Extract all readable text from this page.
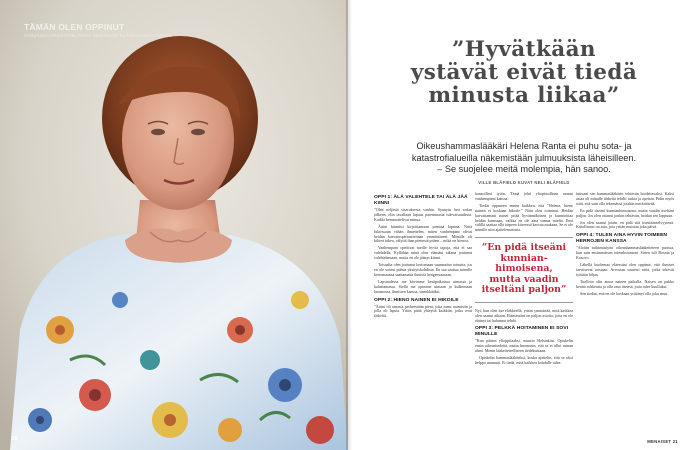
TÄMÄN OLEN OPPINUT
SARJASSA HAASTATELTAVAT KERTOVAT ELÄMÄNVIISAUTENSA.
20
”Hyvätkään
ystävät eivät tiedä
minusta liikaa”
Oikeushammaslääkäri Helena Ranta ei puhu sota- ja
katastrofialueilla näkemistään julmuuksista läheisilleen.
– Se suojelee meitä molempia, hän sanoo.
VILLE BLÅFIELD KUVAT NELI BLÅFIELD
OPPI 1: ÄLÄ VALEHTELE TAI ÄLÄ JÄÄ KIINNI
”Olen neljästä sisaruksesta vanhin. Synnyin heti sodan jälkeen, olin tavallaan lupaus paremmasta tulevaisuudesta. Kaikki hemmottelivat minua.
Äitini kiinnitti kirjoittamaan pieninä lapsina. Niitä lukiessaan vähän ihmettelen, miten vanhempani olivat heidän kasvatusperiaatteitaan ymmärtäneet. Minulla oli kiltteä tukea, välyttä ihan pienestä pitäen – mikä on hienoa.
Vanhempani opettivat meille hyviä tapoja, että ei saa valehdella. Kyllähän minä olen elämäni aikana joutunut valehtelemaan, mutta en ole jäänyt kiinni.
Toisaalta olen joutunut kertomaan suunnattua totuutta, jos en ole voinut puhua yksityiskohdista. En saa saattaa minulle kertomaansa saattamatta ihmisiä hengenvaaraan.
Lapsuudessa me kävimme kesäpaikoissa uimassa ja kalastamassa. Siellä me opimme uimaan ja kulkemaan luonnossa, ihmisten kanssa, sinnikkääksi.
OPPI 2: HIENO NAINEN EI HIKOILE
”Äitini oli omasta perheestään pieni, joka meni naimisiin ja jolla oli lapsia. Yritin pitää yhteyttä kaikkiin, jotka ovat tärkeitä.
kansoillesi tytön. Tämä johti yliopistollisen uranni vanhempieni kanssa.
Tiedät oppineen ennen kaikkea, että ”Helena, hieno nainen ei koskaan hikoile.” Näin olen toiminut. Heidän kasvattamani naiset pitää hyvännäköisen ja kunnioittaa heidän kanssaan, vaikka en ole aina samaa mieltä. Ensi välillä saattaa olla tarpeen kiireessä kasvaa mukaan. Se ei ole minulle niin ajattelematonta.
”En pidä itseäni
kunnian-
himoisena,
mutta vaadin
itseltäni paljon”
Nyt, kun olen itse eläkkeellä, yritän ymmärtää, mitä kaikkea olen saanut aikaan. Elämässäni on paljon asioita, joita en ole ehtinyt tai halunnut tehdä.
OPPI 3: PELKKÄ HOITAMINEN EI SOVI MINULLE
”Kun pääsin ylioppilaaksi, muutin Helsinkiin. Opiskelin ensin oikeustiedettä, mutta huomasin, että se ei ollut minun alani. Menin lääketieteelliseen tiedekuntaan.
Opiskelin hammaslääkäriksi, koska ajattelin, että se olisi helppo ammatti. Et tiedä, mitä kaikkea kohdalle tulee.
tuttuani sen hammaslääkärin tehtävän hoidettavaksi. Kaksi asiaa oli minulle tärkeitä tehdä: tutkia ja opettaa. Pidin myös siitä, että sain olla tekemässä jotakin merkittävää.
En pidä itseäni kunnianhimoisena, mutta vaadin itseltäni paljon. Jos olen ottanut jonkin tehtävän, hoidan sen loppuun.
Jos olen saanut jotain, en pidä sitä itsestäänselvyytenä. Kiitollisuus on asia, jota yritän muistaa joka päivä.
OPPI 4: TULEN AINA HYVIN TOIMEEN HERROJEN KANSSA
”Aloitin tutkimustyön oikeushammaslääketieteen parissa, kun sain ensimmäisen toimeksiantoni. Sitten tuli Bosnia ja Kosovo.
Lähellä kuolemaa eläessäni olen oppinut, että ihmiset tarvitsevat toisiaan. Arvostan suuresti niitä, jotka tekevät työtään hiljaa.
Tuolloin olin ainoa nainen paikalla. Naisen on pakko kerätä rohkeutta ja olla oma itsensä, jotta tulee kuulluksi.
Sen tiedän, että en ole koskaan yrittänyt olla joku muu.
MENAISET 21
